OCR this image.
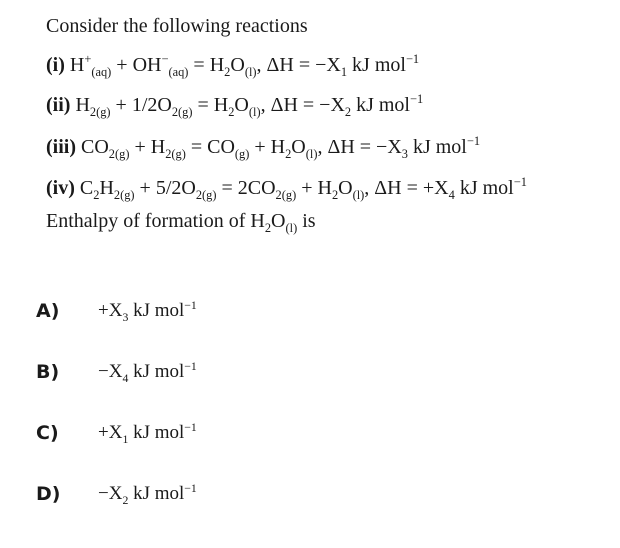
Consider the following reactions
(i) $H^+_{(aq)} + OH^-_{(aq)} = H_2O_{(l)}$, $\Delta H = -X_1$ kJ mol$^{-1}$
(ii) $H_{2(g)} + 1/2O_{2(g)} = H_2O_{(l)}$, $\Delta H = -X_2$ kJ mol$^{-1}$
(iii) $CO_{2(g)} + H_{2(g)} = CO_{(g)} + H_2O_{(l)}$, $\Delta H = -X_3$ kJ mol$^{-1}$
(iv) $C_2H_{2(g)} + 5/2O_{2(g)} = 2CO_{2(g)} + H_2O_{(l)}$, $\Delta H = +X_4$ kJ mol$^{-1}$
Enthalpy of formation of $H_2O_{(l)}$ is
$A) +X_3$ kJ mol$^{-1}$
$B) -X_4$ kJ mol$^{-1}$
$C) +X_1$ kJ mol$^{-1}$
$D) -X_2$ kJ mol$^{-1}$
